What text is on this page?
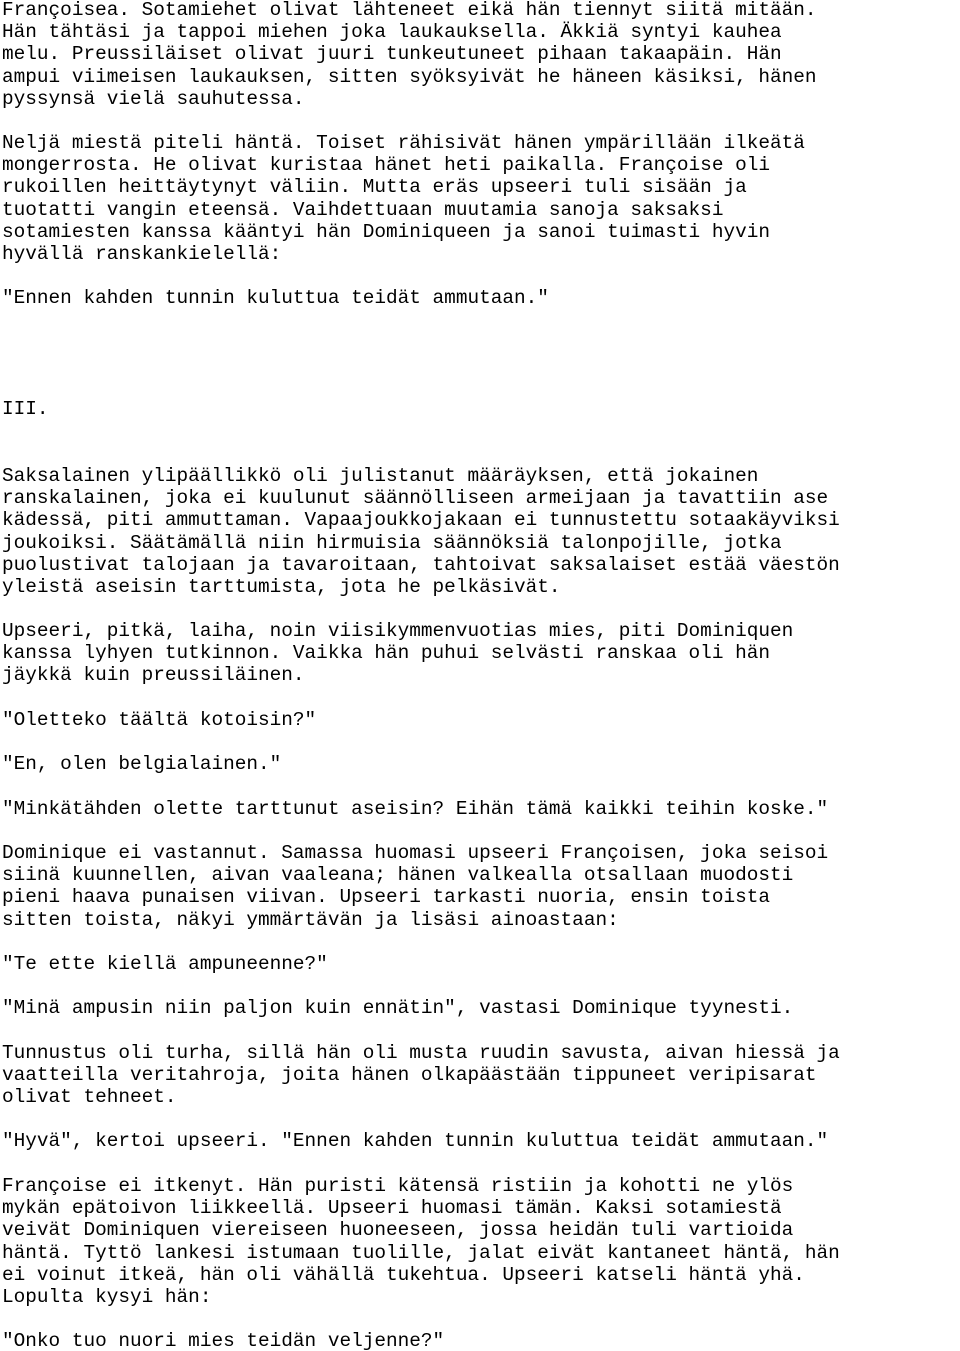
Françoisea. Sotamiehet olivat lähteneet eikä hän tiennyt siitä mitään.
Hän tähtäsi ja tappoi miehen joka laukauksella. Äkkiä syntyi kauhea
melu. Preussiläiset olivat juuri tunkeutuneet pihaan takaapäin. Hän
ampui viimeisen laukauksen, sitten syöksyivät he häneen käsiksi, hänen
pyssynsä vielä sauhutessa.

Neljä miestä piteli häntä. Toiset rähisivät hänen ympärillään ilkeätä
mongerrosta. He olivat kuristaa hänet heti paikalla. Françoise oli
rukoillen heittäytynyt väliin. Mutta eräs upseeri tuli sisään ja
tuotatti vangin eteensä. Vaihdettuaan muutamia sanoja saksaksi
sotamiesten kanssa kääntyi hän Dominiqueen ja sanoi tuimasti hyvin
hyvällä ranskankielellä:

"Ennen kahden tunnin kuluttua teidät ammutaan."

III.

Saksalainen ylipäällikkö oli julistanut määräyksen, että jokainen
ranskalainen, joka ei kuulunut säännölliseen armeijaan ja tavattiin ase
kädessä, piti ammuttaman. Vapaajoukkojakaan ei tunnustettu sotaakäyviksi
joukoiksi. Säätämällä niin hirmuisia säännöksiä talonpojille, jotka
puolustivat talojaan ja tavaroitaan, tahtoivat saksalaiset estää väestön
yleistä aseisin tarttumista, jota he pelkäsivät.

Upseeri, pitkä, laiha, noin viisikymmenvuotias mies, piti Dominiquen
kanssa lyhyen tutkinnon. Vaikka hän puhui selvästi ranskaa oli hän
jäykkä kuin preussiläinen.

"Oletteko täältä kotoisin?"

"En, olen belgialainen."

"Minkätähden olette tarttunut aseisin? Eihän tämä kaikki teihin koske."

Dominique ei vastannut. Samassa huomasi upseeri Françoisen, joka seisoi
siinä kuunnellen, aivan vaaleana; hänen valkealla otsallaan muodosti
pieni haava punaisen viivan. Upseeri tarkasti nuoria, ensin toista
sitten toista, näkyi ymmärtävän ja lisäsi ainoastaan:

"Te ette kiellä ampuneenne?"

"Minä ampusin niin paljon kuin ennätin", vastasi Dominique tyynesti.

Tunnustus oli turha, sillä hän oli musta ruudin savusta, aivan hiessä ja
vaatteilla veritahroja, joita hänen olkapäästään tippuneet veripisarat
olivat tehneet.

"Hyvä", kertoi upseeri. "Ennen kahden tunnin kuluttua teidät ammutaan."

Françoise ei itkenyt. Hän puristi kätensä ristiin ja kohotti ne ylös
mykän epätoivon liikkeellä. Upseeri huomasi tämän. Kaksi sotamiestä
veivät Dominiquen viereiseen huoneeseen, jossa heidän tuli vartioida
häntä. Tyttö lankesi istumaan tuolille, jalat eivät kantaneet häntä, hän
ei voinut itkeä, hän oli vähällä tukehtua. Upseeri katseli häntä yhä.
Lopulta kysyi hän:

"Onko tuo nuori mies teidän veljenne?"
